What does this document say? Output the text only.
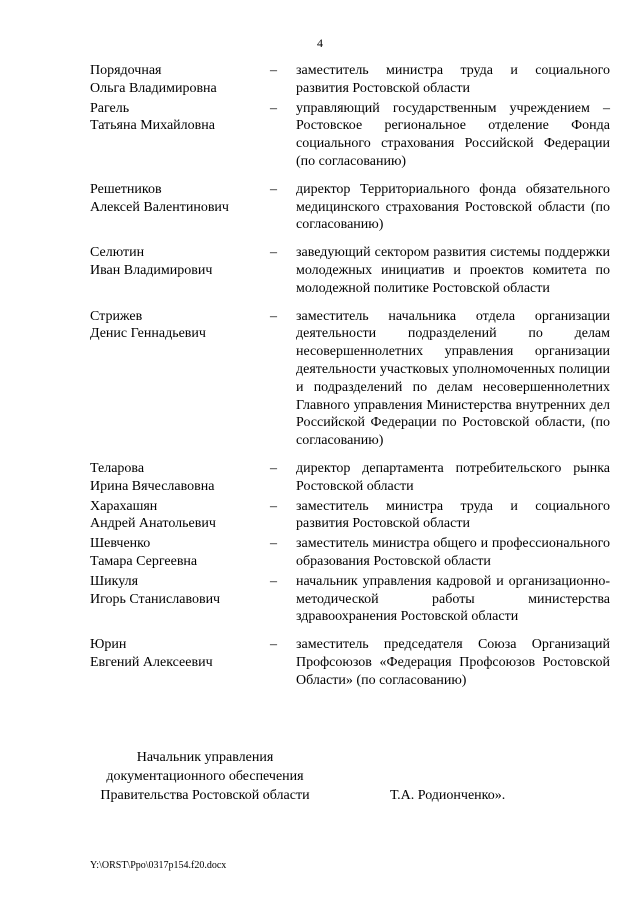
4
Порядочная
Ольга Владимировна
–	заместитель министра труда и социального развития Ростовской области
Рагель
Татьяна Михайловна
–	управляющий государственным учреждением – Ростовское региональное отделение Фонда социального страхования Российской Федерации (по согласованию)
Решетников
Алексей Валентинович
–	директор Территориального фонда обязательного медицинского страхования Ростовской области (по согласованию)
Селютин
Иван Владимирович
–	заведующий сектором развития системы поддержки молодежных инициатив и проектов комитета по молодежной политике Ростовской области
Стрижев
Денис Геннадьевич
–	заместитель начальника отдела организации деятельности подразделений по делам несовершеннолетних управления организации деятельности участковых уполномоченных полиции и подразделений по делам несовершеннолетних Главного управления Министерства внутренних дел Российской Федерации по Ростовской области, (по согласованию)
Теларова
Ирина Вячеславовна
–	директор департамента потребительского рынка Ростовской области
Харахашян
Андрей Анатольевич
–	заместитель министра труда и социального развития Ростовской области
Шевченко
Тамара Сергеевна
–	заместитель министра общего и профессионального образования Ростовской области
Шикуля
Игорь Станиславович
–	начальник управления кадровой и организационно-методической работы министерства здравоохранения Ростовской области
Юрин
Евгений Алексеевич
–	заместитель председателя Союза Организаций Профсоюзов «Федерация Профсоюзов Ростовской Области» (по согласованию)
Начальник управления
документационного обеспечения
Правительства Ростовской области	Т.А. Родионченко».
Y:\ORST\Ppo\0317p154.f20.docx
